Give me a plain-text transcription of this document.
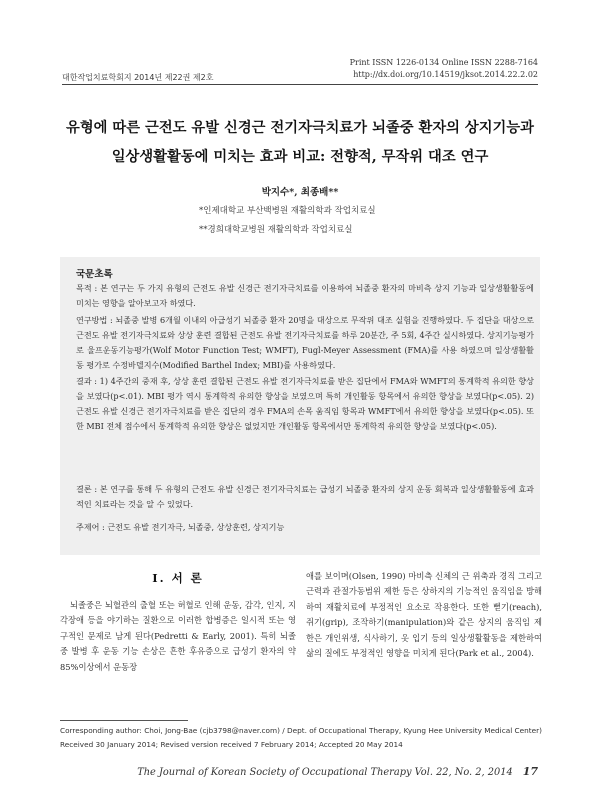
대한작업치료학회지 2014년 제22권 제2호
Print ISSN 1226-0134 Online ISSN 2288-7164
http://dx.doi.org/10.14519/jksot.2014.22.2.02
유형에 따른 근전도 유발 신경근 전기자극치료가 뇌졸중 환자의 상지기능과
일상생활활동에 미치는 효과 비교: 전향적, 무작위 대조 연구
박지수*, 최종배**
*인제대학교 부산백병원 재활의학과 작업치료실
**경희대학교병원 재활의학과 작업치료실
국문초록
목적 : 본 연구는 두 가지 유형의 근전도 유발 신경근 전기자극치료를 이용하여 뇌졸중 환자의 마비측 상지 기능과 일상생활활동에 미치는 영향을 알아보고자 하였다.
연구방법 : 뇌졸중 발병 6개월 이내의 아급성기 뇌졸중 환자 20명을 대상으로 무작위 대조 실험을 진행하였다. 두 집단을 대상으로 근전도 유발 전기자극치료와 상상 훈련 결합된 근전도 유발 전기자극치료를 하루 20분간, 주 5회, 4주간 실시하였다. 상지기능평가로 울프운동기능평가(Wolf Motor Function Test; WMFT), Fugl-Meyer Assessment (FMA)를 사용 하였으며 일상생활활동 평가로 수정바델지수(Modified Barthel Index; MBI)를 사용하였다.
결과 : 1) 4주간의 중재 후, 상상 훈련 결합된 근전도 유발 전기자극치료를 받은 집단에서 FMA와 WMFT의 통계학적 유의한 향상을 보였다(p<.01). MBI 평가 역시 통계학적 유의한 향상을 보였으며 특히 개인활동 항목에서 유의한 향상을 보였다(p<.05). 2) 근전도 유발 신경근 전기자극치료를 받은 집단의 경우 FMA의 손목 움직임 항목과 WMFT에서 유의한 향상을 보였다(p<.05). 또한 MBI 전체 점수에서 통계학적 유의한 향상은 없었지만 개인활동 항목에서만 통계학적 유의한 향상을 보였다(p<.05).
결론 : 본 연구를 통해 두 유형의 근전도 유발 신경근 전기자극치료는 급성기 뇌졸중 환자의 상지 운동 회복과 일상생활활동에 효과적인 치료라는 것을 알 수 있었다.
주제어 : 근전도 유발 전기자극, 뇌졸중, 상상훈련, 상지기능
Ⅰ. 서 론
뇌졸중은 뇌혈관의 출혈 또는 허혈로 인해 운동, 감각, 인지, 지각장애 등을 야기하는 질환으로 이러한 합병증은 일시적 또는 영구적인 문제로 남게 된다(Pedretti & Early, 2001). 특히 뇌졸중 발병 후 운동 기능 손상은 흔한 후유증으로 급성기 환자의 약 85%이상에서 운동장
애를 보이며(Olsen, 1990) 마비측 신체의 근 위축과 경직 그리고 근력과 관절가동범위 제한 등은 상하지의 기능적인 움직임을 방해하여 재활치료에 부정적인 요소로 작용한다. 또한 뻗기(reach), 쥐기(grip), 조작하기(manipulation)와 같은 상지의 움직임 제한은 개인위생, 식사하기, 옷 입기 등의 일상생활활동을 제한하여 삶의 질에도 부정적인 영향을 미치게 된다(Park et al., 2004).
Corresponding author: Choi, Jong-Bae (cjb3798@naver.com) / Dept. of Occupational Therapy, Kyung Hee University Medical Center)
Received 30 January 2014; Revised version received 7 February 2014; Accepted 20 May 2014
The Journal of Korean Society of Occupational Therapy Vol. 22, No. 2, 2014 17
